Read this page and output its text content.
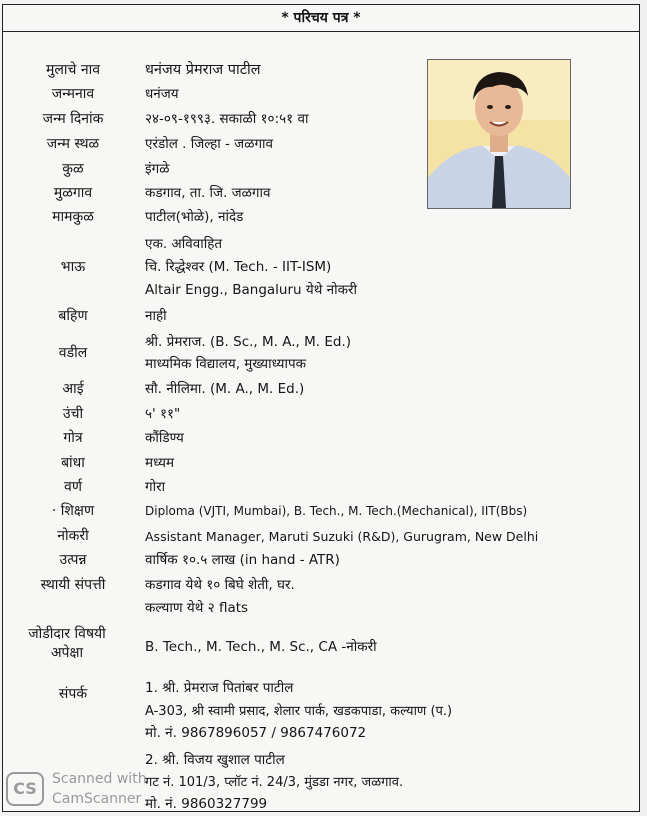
* परिचय पत्र *
मुलाचे नाव
जन्मनाव
जन्म दिनांक
जन्म स्थळ
कुळ
मुळगाव
मामकुळ
भाऊ
बहिण
वडील
आई
उंची
गोत्र
बांधा
वर्ण
· शिक्षण
नोकरी
उत्पन्न
स्थायी संपत्ती
जोडीदार विषयी
अपेक्षा
संपर्क
धनंजय प्रेमराज पाटील
धनंजय
२४-०९-१९९३. सकाळी १०:५१ वा
एरंडोल . जिल्हा - जळगाव
इंगळे
कडगाव, ता. जि. जळगाव
पाटील(भोळे), नांदेड
एक. अविवाहित
चि. रिद्धेश्वर (M. Tech. - IIT-ISM)
Altair Engg., Bangaluru येथे नोकरी
नाही
श्री. प्रेमराज. (B. Sc., M. A., M. Ed.)
माध्यमिक विद्यालय, मुख्याध्यापक
सौ. नीलिमा. (M. A., M. Ed.)
५' ११"
कौंडिण्य
मध्यम
गोरा
Diploma (VJTI, Mumbai), B. Tech., M. Tech.(Mechanical), IIT(Bbs)
Assistant Manager, Maruti Suzuki (R&D), Gurugram, New Delhi
वार्षिक १०.५ लाख (in hand - ATR)
कडगाव येथे १० बिघे शेती, घर.
कल्याण येथे २ flats
B. Tech., M. Tech., M. Sc., CA -नोकरी
1. श्री. प्रेमराज पितांबर पाटील
A-303, श्री स्वामी प्रसाद, शेलार पार्क, खडकपाडा, कल्याण (प.)
मो. नं. 9867896057 / 9867476072
2. श्री. विजय खुशाल पाटील
गट नं. 101/3, प्लॉट नं. 24/3, मुंडडा नगर, जळगाव.
मो. नं. 9860327799
CS	Scanned with
CamScanner
